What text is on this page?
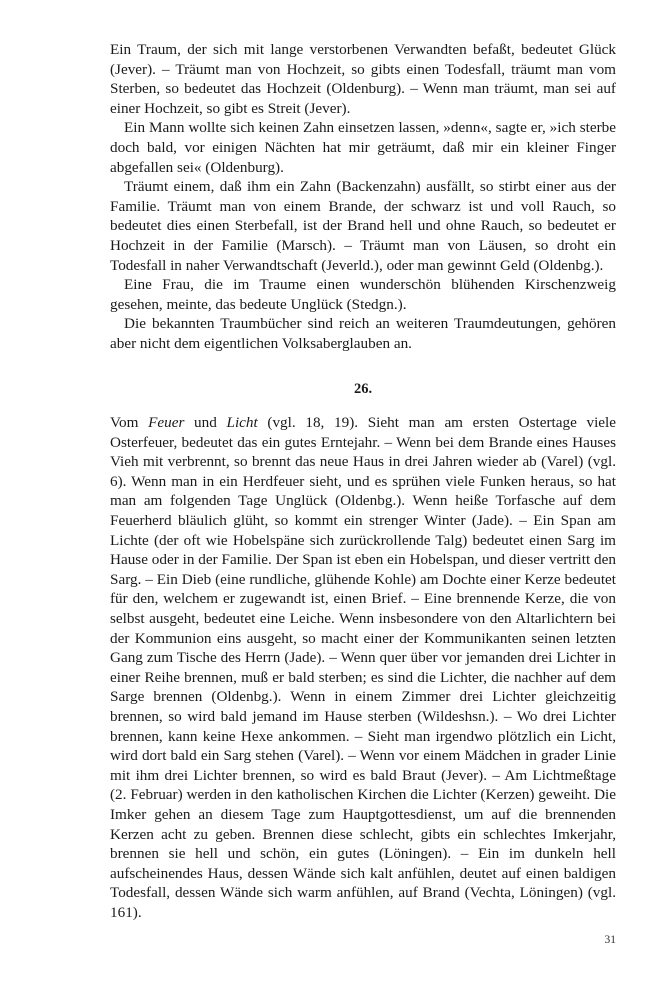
Ein Traum, der sich mit lange verstorbenen Verwandten befaßt, bedeutet Glück (Jever). – Träumt man von Hochzeit, so gibts einen Todesfall, träumt man vom Sterben, so bedeutet das Hochzeit (Oldenburg). – Wenn man träumt, man sei auf einer Hochzeit, so gibt es Streit (Jever).

Ein Mann wollte sich keinen Zahn einsetzen lassen, »denn«, sagte er, »ich sterbe doch bald, vor einigen Nächten hat mir geträumt, daß mir ein kleiner Finger abgefallen sei« (Oldenburg).

Träumt einem, daß ihm ein Zahn (Backenzahn) ausfällt, so stirbt einer aus der Familie. Träumt man von einem Brande, der schwarz ist und voll Rauch, so bedeutet dies einen Sterbefall, ist der Brand hell und ohne Rauch, so bedeutet er Hochzeit in der Familie (Marsch). – Träumt man von Läusen, so droht ein Todesfall in naher Verwandtschaft (Jeverld.), oder man gewinnt Geld (Oldenbg.).

Eine Frau, die im Traume einen wunderschön blühenden Kirschenzweig gesehen, meinte, das bedeute Unglück (Stedgn.).

Die bekannten Traumbücher sind reich an weiteren Traumdeutungen, gehören aber nicht dem eigentlichen Volksaberglauben an.

26.

Vom Feuer und Licht (vgl. 18, 19). Sieht man am ersten Ostertage viele Osterfeuer, bedeutet das ein gutes Erntejahr. – Wenn bei dem Brande eines Hauses Vieh mit verbrennt, so brennt das neue Haus in drei Jahren wieder ab (Varel) (vgl. 6). Wenn man in ein Herdfeuer sieht, und es sprühen viele Funken heraus, so hat man am folgenden Tage Unglück (Oldenbg.). Wenn heiße Torfasche auf dem Feuerherd bläulich glüht, so kommt ein strenger Winter (Jade). – Ein Span am Lichte (der oft wie Hobelspäne sich zurückrollende Talg) bedeutet einen Sarg im Hause oder in der Familie. Der Span ist eben ein Hobelspan, und dieser vertritt den Sarg. – Ein Dieb (eine rundliche, glühende Kohle) am Dochte einer Kerze bedeutet für den, welchem er zugewandt ist, einen Brief. – Eine brennende Kerze, die von selbst ausgeht, bedeutet eine Leiche. Wenn insbesondere von den Altarlichtern bei der Kommunion eins ausgeht, so macht einer der Kommunikanten seinen letzten Gang zum Tische des Herrn (Jade). – Wenn quer über vor jemanden drei Lichter in einer Reihe brennen, muß er bald sterben; es sind die Lichter, die nachher auf dem Sarge brennen (Oldenbg.). Wenn in einem Zimmer drei Lichter gleichzeitig brennen, so wird bald jemand im Hause sterben (Wildeshsn.). – Wo drei Lichter brennen, kann keine Hexe ankommen. – Sieht man irgendwo plötzlich ein Licht, wird dort bald ein Sarg stehen (Varel). – Wenn vor einem Mädchen in grader Linie mit ihm drei Lichter brennen, so wird es bald Braut (Jever). – Am Lichtmeßtage (2. Februar) werden in den katholischen Kirchen die Lichter (Kerzen) geweiht. Die Imker gehen an diesem Tage zum Hauptgottesdienst, um auf die brennenden Kerzen acht zu geben. Brennen diese schlecht, gibts ein schlechtes Imkerjahr, brennen sie hell und schön, ein gutes (Löningen). – Ein im dunkeln hell aufscheinendes Haus, dessen Wände sich kalt anfühlen, deutet auf einen baldigen Todesfall, dessen Wände sich warm anfühlen, auf Brand (Vechta, Löningen) (vgl. 161).

31
